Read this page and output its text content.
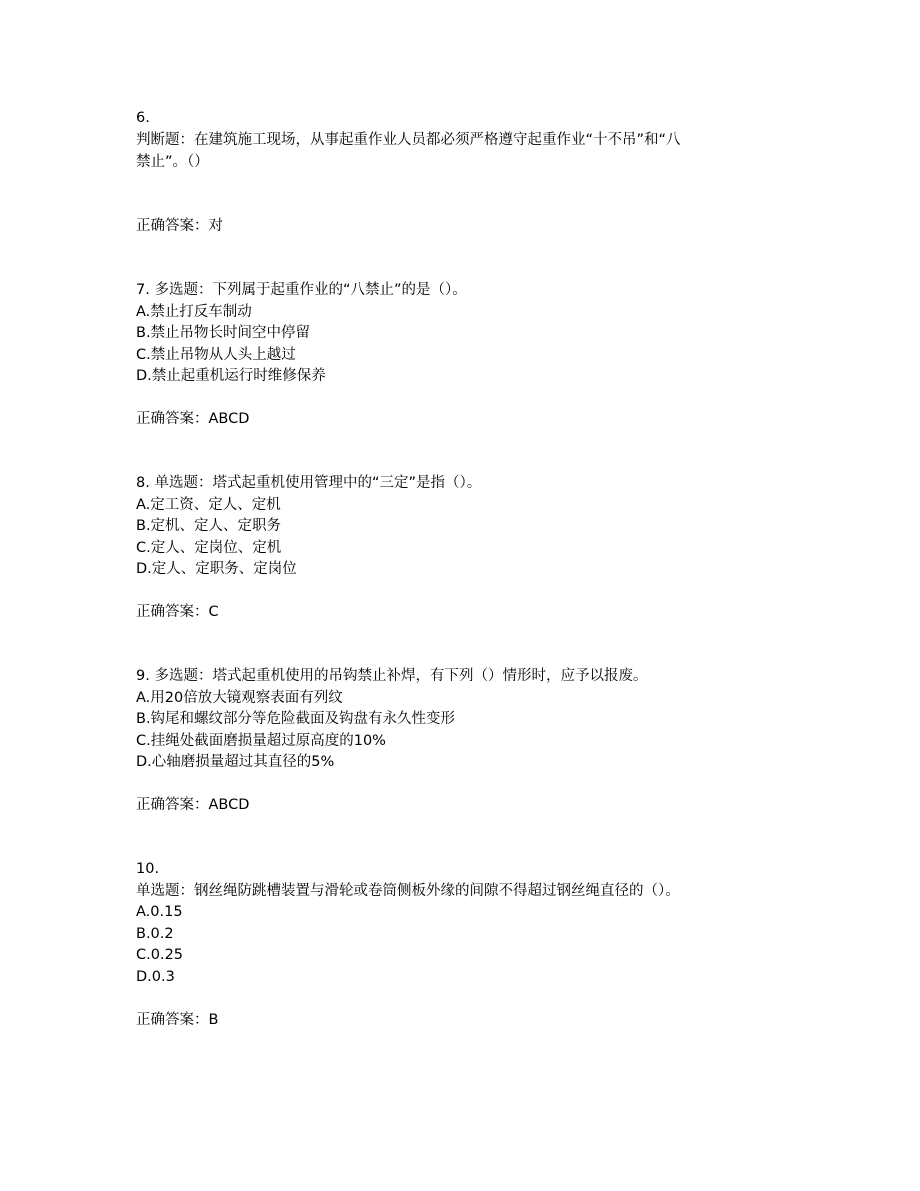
6.
判断题：在建筑施工现场，从事起重作业人员都必须严格遵守起重作业“十不吊”和“八
禁止”。（）
正确答案：对
7. 多选题：下列属于起重作业的“八禁止”的是（）。
A.禁止打反车制动
B.禁止吊物长时间空中停留
C.禁止吊物从人头上越过
D.禁止起重机运行时维修保养
正确答案：ABCD
8. 单选题：塔式起重机使用管理中的“三定”是指（）。
A.定工资、定人、定机
B.定机、定人、定职务
C.定人、定岗位、定机
D.定人、定职务、定岗位
正确答案：C
9. 多选题：塔式起重机使用的吊钩禁止补焊，有下列（）情形时，应予以报废。
A.用20倍放大镜观察表面有列纹
B.钩尾和螺纹部分等危险截面及钩盘有永久性变形
C.挂绳处截面磨损量超过原高度的10%
D.心轴磨损量超过其直径的5%
正确答案：ABCD
10.
单选题：钢丝绳防跳槽装置与滑轮或卷筒侧板外缘的间隙不得超过钢丝绳直径的（）。
A.0.15
B.0.2
C.0.25
D.0.3
正确答案：B
